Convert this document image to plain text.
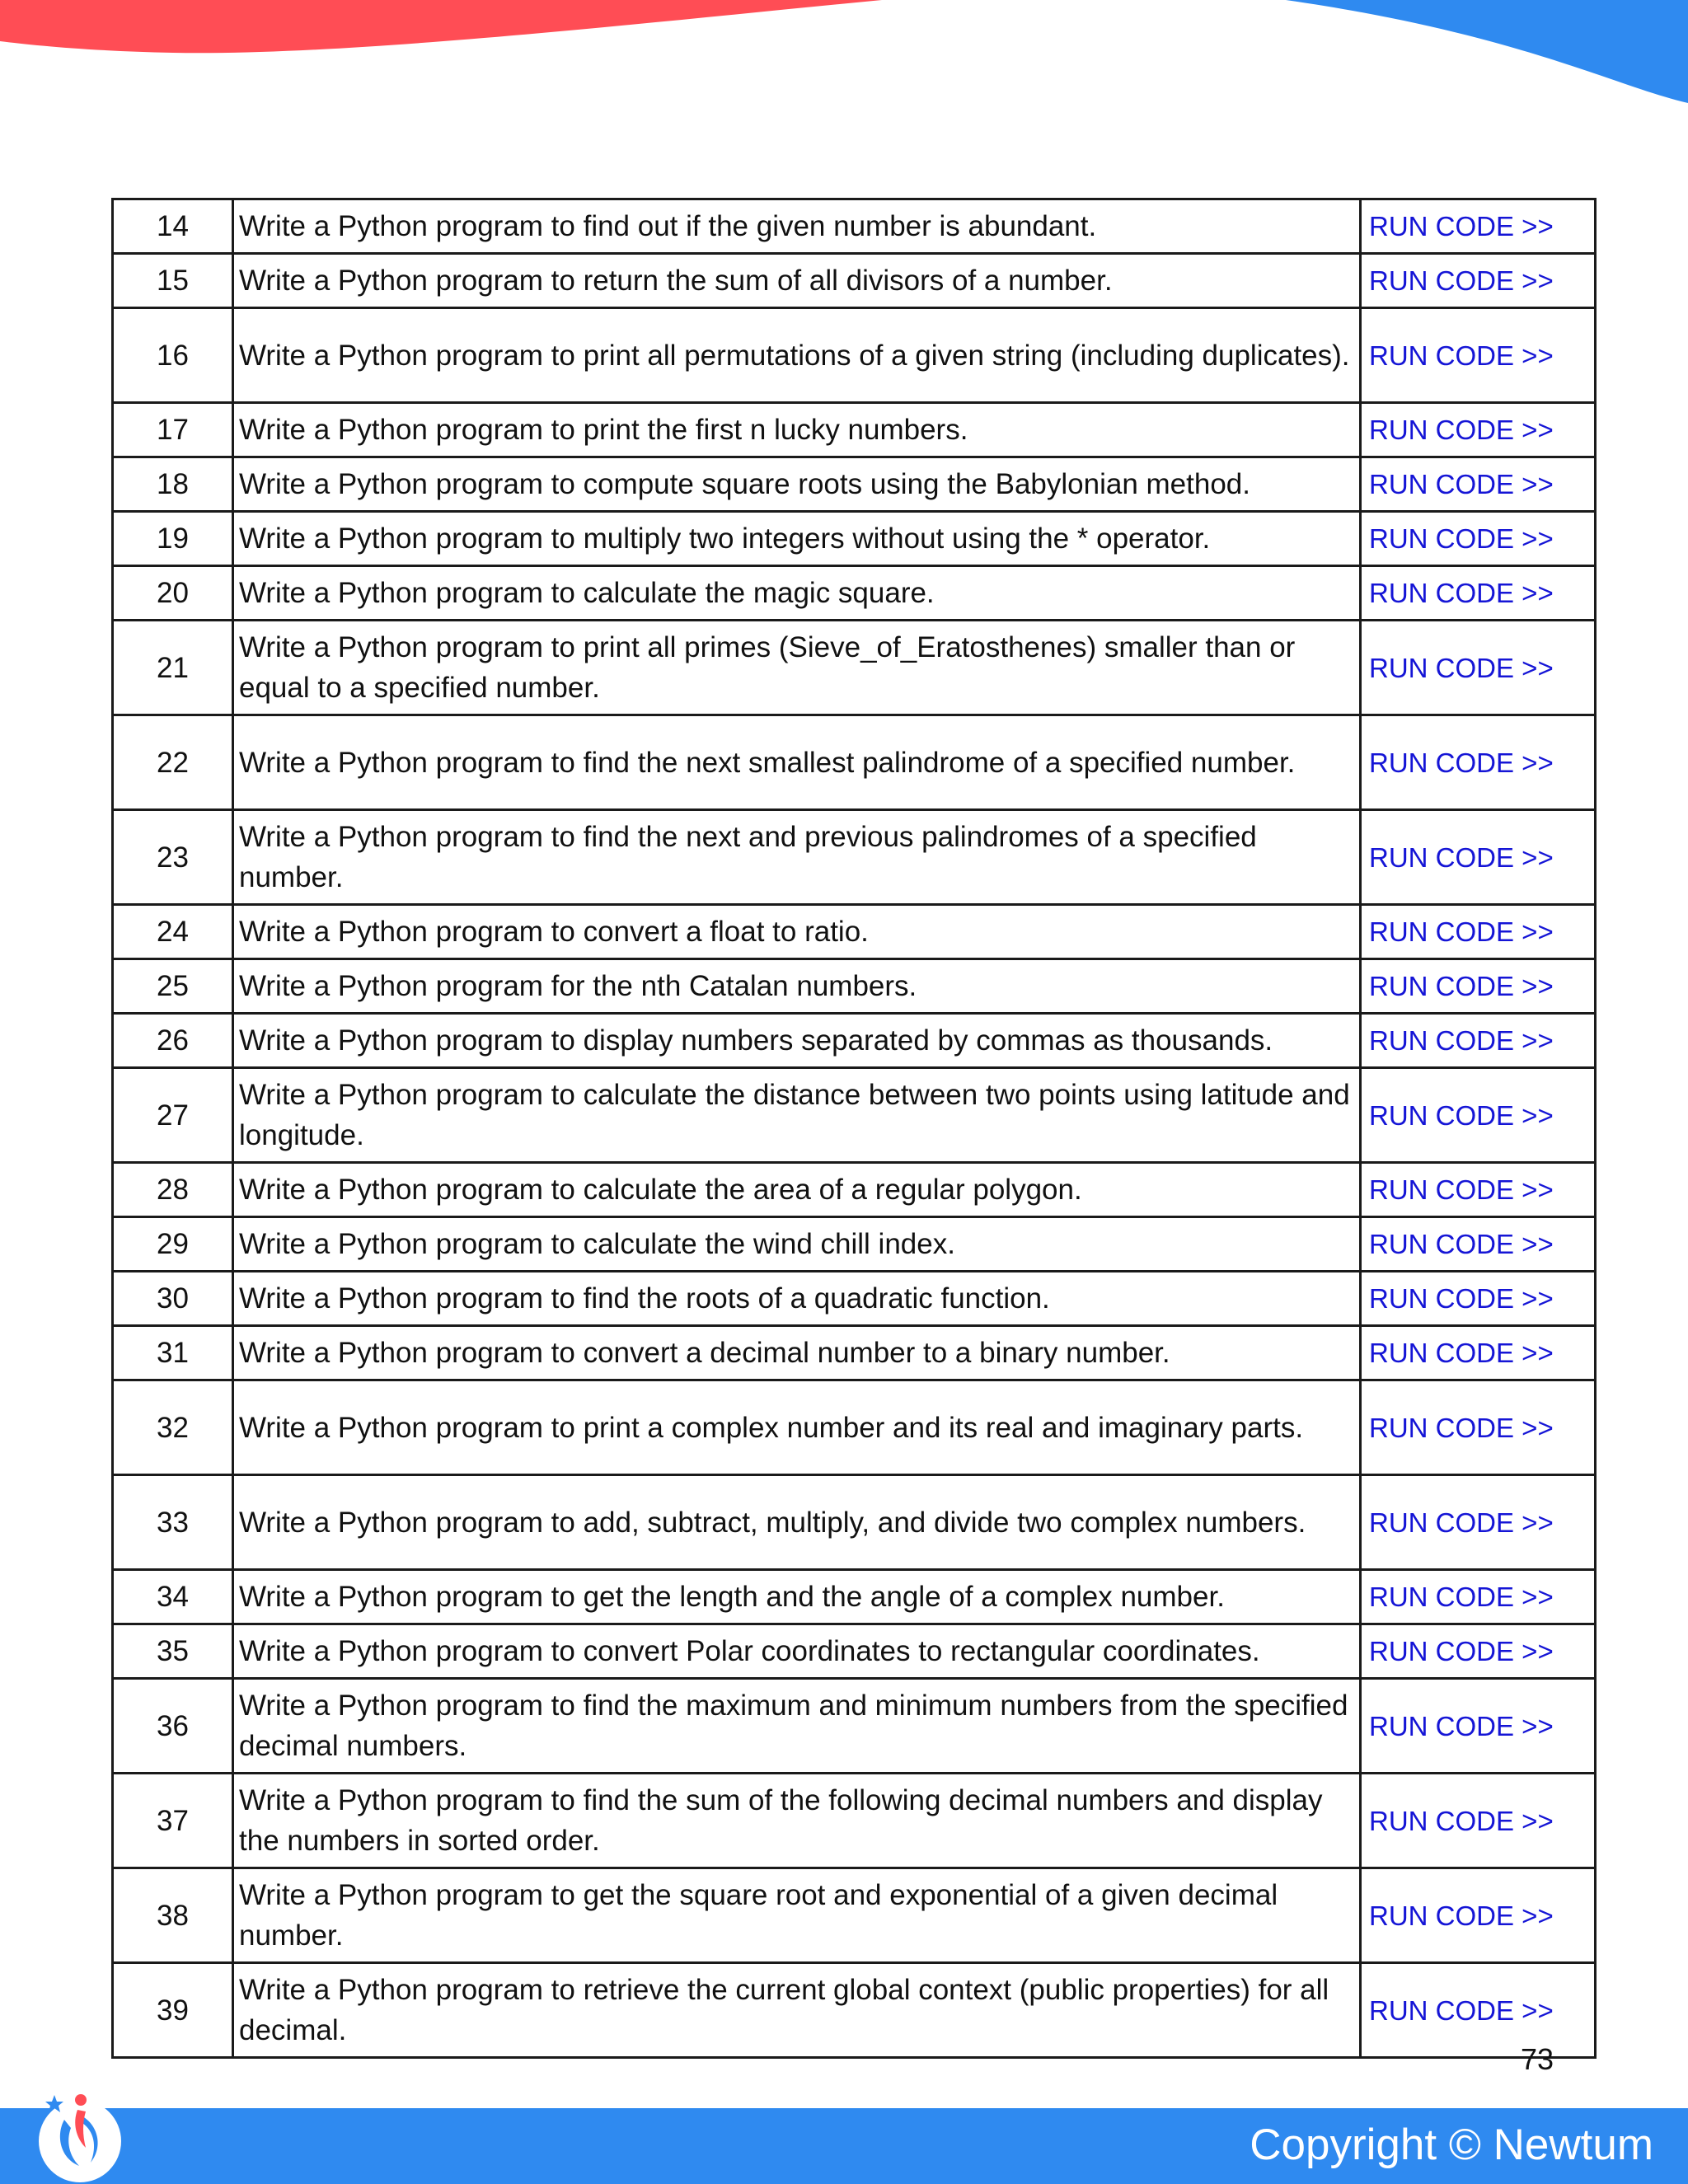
14	Write a Python program to find out if the given number is abundant.	RUN CODE >>
15	Write a Python program to return the sum of all divisors of a number.	RUN CODE >>
16	Write a Python program to print all permutations of a given string (including duplicates).	RUN CODE >>
17	Write a Python program to print the first n lucky numbers.	RUN CODE >>
18	Write a Python program to compute square roots using the Babylonian method.	RUN CODE >>
19	Write a Python program to multiply two integers without using the * operator.	RUN CODE >>
20	Write a Python program to calculate the magic square.	RUN CODE >>
21	Write a Python program to print all primes (Sieve_of_Eratosthenes) smaller than or equal to a specified number.	RUN CODE >>
22	Write a Python program to find the next smallest palindrome of a specified number.	RUN CODE >>
23	Write a Python program to find the next and previous palindromes of a specified number.	RUN CODE >>
24	Write a Python program to convert a float to ratio.	RUN CODE >>
25	Write a Python program for the nth Catalan numbers.	RUN CODE >>
26	Write a Python program to display numbers separated by commas as thousands.	RUN CODE >>
27	Write a Python program to calculate the distance between two points using latitude and longitude.	RUN CODE >>
28	Write a Python program to calculate the area of a regular polygon.	RUN CODE >>
29	Write a Python program to calculate the wind chill index.	RUN CODE >>
30	Write a Python program to find the roots of a quadratic function.	RUN CODE >>
31	Write a Python program to convert a decimal number to a binary number.	RUN CODE >>
32	Write a Python program to print a complex number and its real and imaginary parts.	RUN CODE >>
33	Write a Python program to add, subtract, multiply, and divide two complex numbers.	RUN CODE >>
34	Write a Python program to get the length and the angle of a complex number.	RUN CODE >>
35	Write a Python program to convert Polar coordinates to rectangular coordinates.	RUN CODE >>
36	Write a Python program to find the maximum and minimum numbers from the specified decimal numbers.	RUN CODE >>
37	Write a Python program to find the sum of the following decimal numbers and display the numbers in sorted order.	RUN CODE >>
38	Write a Python program to get the square root and exponential of a given decimal number.	RUN CODE >>
39	Write a Python program to retrieve the current global context (public properties) for all decimal.	RUN CODE >>
73
Copyright © Newtum
